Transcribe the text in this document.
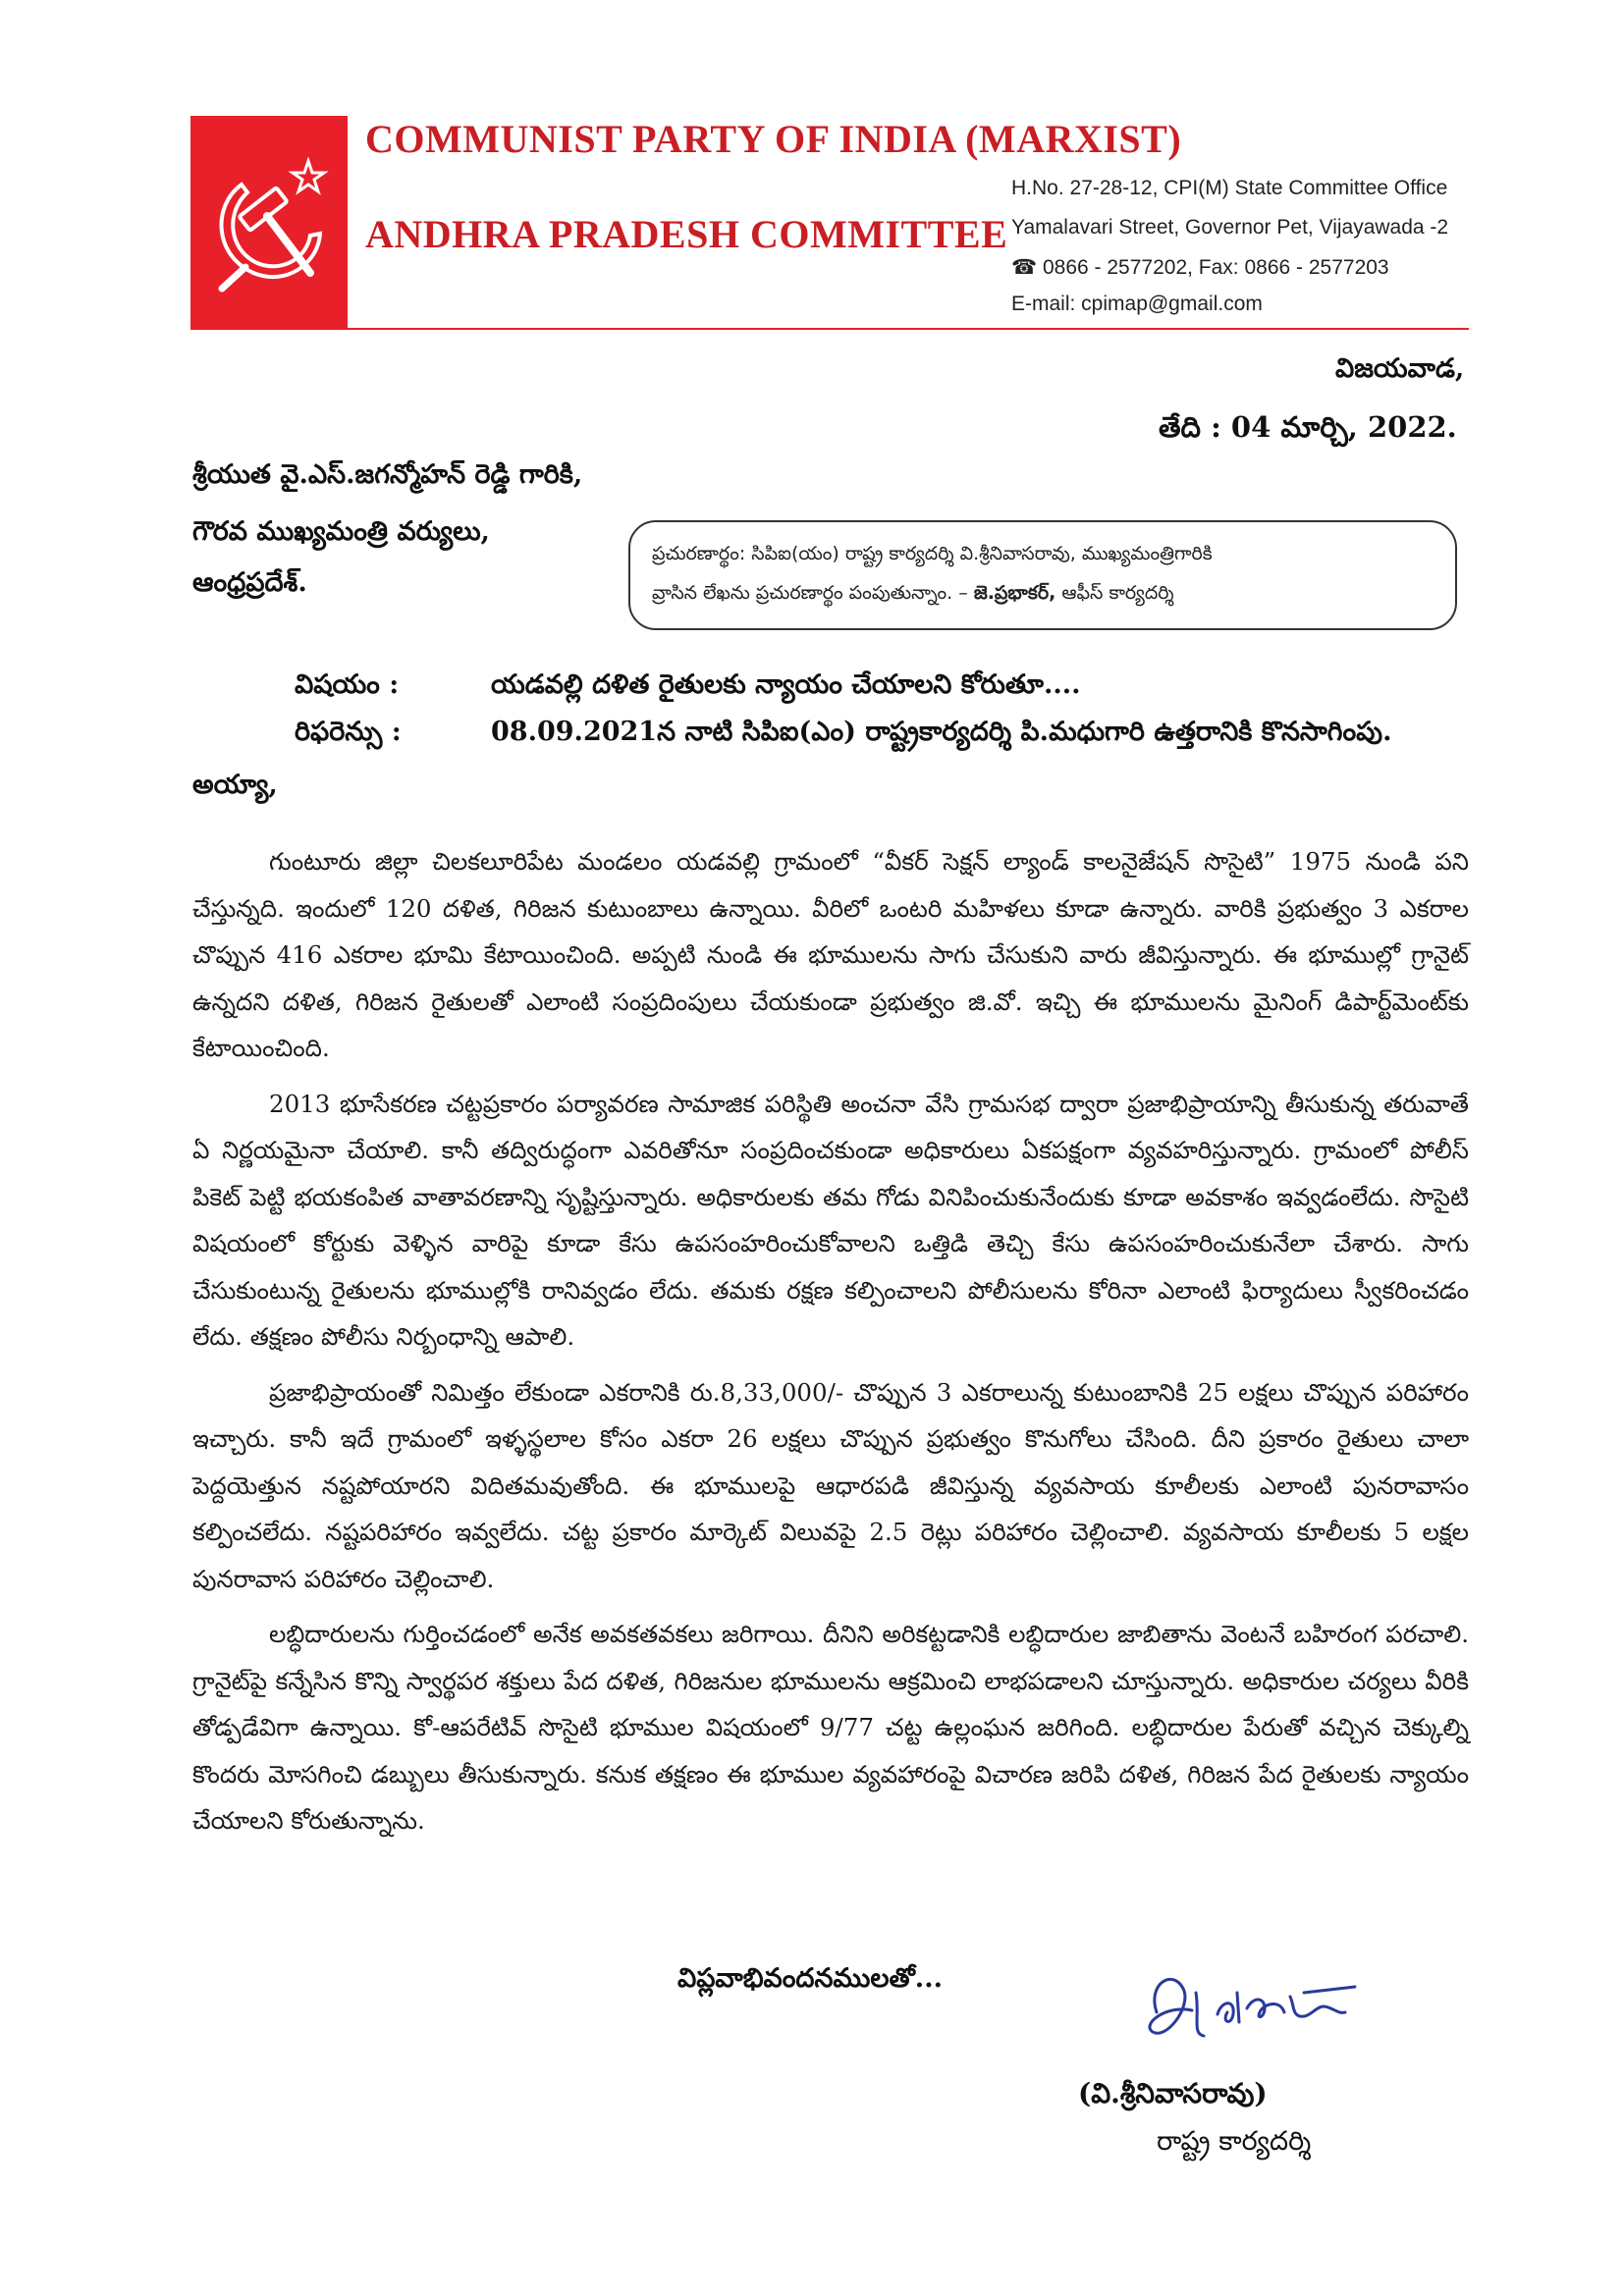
COMMUNIST PARTY OF INDIA (MARXIST)
ANDHRA PRADESH COMMITTEE
H.No. 27-28-12, CPI(M) State Committee Office
Yamalavari Street, Governor Pet, Vijayawada -2
☎ 0866 - 2577202, Fax: 0866 - 2577203
E-mail: cpimap@gmail.com
విజయవాడ,
తేది : 04 మార్చి, 2022.
శ్రీయుత వై.ఎస్.జగన్మోహన్ రెడ్డి గారికి,
గౌరవ ముఖ్యమంత్రి వర్యులు,
ఆంధ్రప్రదేశ్.
ప్రచురణార్థం: సిపిఐ(యం) రాష్ట్ర కార్యదర్శి వి.శ్రీనివాసరావు, ముఖ్యమంత్రిగారికి
వ్రాసిన లేఖను ప్రచురణార్థం పంపుతున్నాం. – జె.ప్రభాకర్, ఆఫీస్ కార్యదర్శి
విషయం :	యడవల్లి దళిత రైతులకు న్యాయం చేయాలని కోరుతూ....
రిఫరెన్సు :	08.09.2021న నాటి సిపిఐ(ఎం) రాష్ట్రకార్యదర్శి పి.మధుగారి ఉత్తరానికి కొనసాగింపు.
అయ్యా,

గుంటూరు జిల్లా చిలకలూరిపేట మండలం యడవల్లి గ్రామంలో “వీకర్ సెక్షన్ ల్యాండ్ కాలనైజేషన్ సొసైటి” 1975 నుండి పని చేస్తున్నది. ఇందులో 120 దళిత, గిరిజన కుటుంబాలు ఉన్నాయి. వీరిలో ఒంటరి మహిళలు కూడా ఉన్నారు. వారికి ప్రభుత్వం 3 ఎకరాల చొప్పున 416 ఎకరాల భూమి కేటాయించింది. అప్పటి నుండి ఈ భూములను సాగు చేసుకుని వారు జీవిస్తున్నారు. ఈ భూముల్లో గ్రానైట్ ఉన్నదని దళిత, గిరిజన రైతులతో ఎలాంటి సంప్రదింపులు చేయకుండా ప్రభుత్వం జి.వో. ఇచ్చి ఈ భూములను మైనింగ్ డిపార్ట్‌మెంట్‌కు కేటాయించింది.

2013 భూసేకరణ చట్టప్రకారం పర్యావరణ సామాజిక పరిస్థితి అంచనా వేసి గ్రామసభ ద్వారా ప్రజాభిప్రాయాన్ని తీసుకున్న తరువాతే ఏ నిర్ణయమైనా చేయాలి. కానీ తద్విరుద్ధంగా ఎవరితోనూ సంప్రదించకుండా అధికారులు ఏకపక్షంగా వ్యవహరిస్తున్నారు. గ్రామంలో పోలీస్ పికెట్ పెట్టి భయకంపిత వాతావరణాన్ని సృష్టిస్తున్నారు. అధికారులకు తమ గోడు వినిపించుకునేందుకు కూడా అవకాశం ఇవ్వడంలేదు. సొసైటి విషయంలో కోర్టుకు వెళ్ళిన వారిపై కూడా కేసు ఉపసంహరించుకోవాలని ఒత్తిడి తెచ్చి కేసు ఉపసంహరించుకునేలా చేశారు. సాగు చేసుకుంటున్న రైతులను భూముల్లోకి రానివ్వడం లేదు. తమకు రక్షణ కల్పించాలని పోలీసులను కోరినా ఎలాంటి ఫిర్యాదులు స్వీకరించడం లేదు. తక్షణం పోలీసు నిర్బంధాన్ని ఆపాలి.

ప్రజాభిప్రాయంతో నిమిత్తం లేకుండా ఎకరానికి రు.8,33,000/- చొప్పున 3 ఎకరాలున్న కుటుంబానికి 25 లక్షలు చొప్పున పరిహారం ఇచ్చారు. కానీ ఇదే గ్రామంలో ఇళ్ళస్థలాల కోసం ఎకరా 26 లక్షలు చొప్పున ప్రభుత్వం కొనుగోలు చేసింది. దీని ప్రకారం రైతులు చాలా పెద్దయెత్తున నష్టపోయారని విదితమవుతోంది. ఈ భూములపై ఆధారపడి జీవిస్తున్న వ్యవసాయ కూలీలకు ఎలాంటి పునరావాసం కల్పించలేదు. నష్టపరిహారం ఇవ్వలేదు. చట్ట ప్రకారం మార్కెట్ విలువపై 2.5 రెట్లు పరిహారం చెల్లించాలి. వ్యవసాయ కూలీలకు 5 లక్షల పునరావాస పరిహారం చెల్లించాలి.

లబ్ధిదారులను గుర్తించడంలో అనేక అవకతవకలు జరిగాయి. దీనిని అరికట్టడానికి లబ్ధిదారుల జాబితాను వెంటనే బహిరంగ పరచాలి. గ్రానైట్‌పై కన్నేసిన కొన్ని స్వార్థపర శక్తులు పేద దళిత, గిరిజనుల భూములను ఆక్రమించి లాభపడాలని చూస్తున్నారు. అధికారుల చర్యలు వీరికి తోడ్పడేవిగా ఉన్నాయి. కో-ఆపరేటివ్ సొసైటి భూముల విషయంలో 9/77 చట్ట ఉల్లంఘన జరిగింది. లబ్ధిదారుల పేరుతో వచ్చిన చెక్కుల్ని కొందరు మోసగించి డబ్బులు తీసుకున్నారు. కనుక తక్షణం ఈ భూముల వ్యవహారంపై విచారణ జరిపి దళిత, గిరిజన పేద రైతులకు న్యాయం చేయాలని కోరుతున్నాను.

విప్లవాభివందనములతో...
(వి.శ్రీనివాసరావు)
రాష్ట్ర కార్యదర్శి
